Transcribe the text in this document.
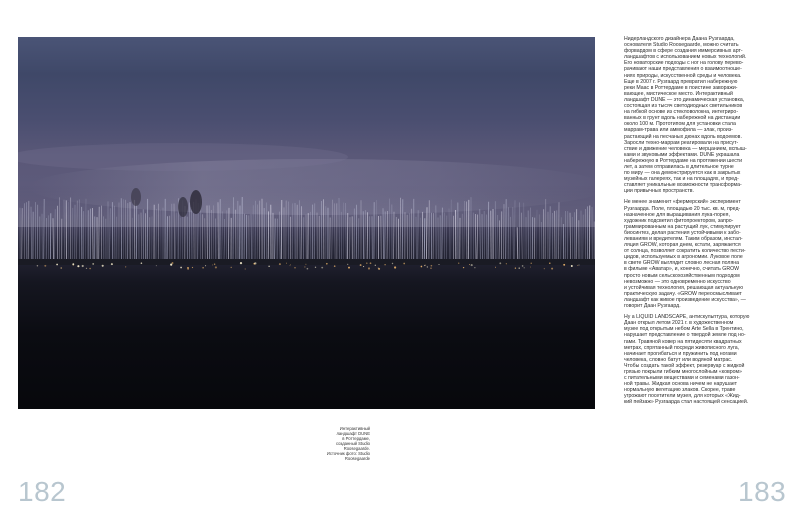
Интерактивный
ландшафт DUNE
в Роттердаме,
созданный Studio
Roosegaarde.
Источник фото: Studio
Roosegaarde
Нидерландского дизайнера Даана Рузгаарда,
основателя Studio Roosegaarde, можно считать
форвардом в сфере создания иммерсивных арт-
ландшафтов с использованием новых технологий.
Его новаторские подходы с ног на голову перево-
рачивают наши представления о взаимоотноше-
ниях природы, искусственной среды и человека.
Еще в 2007 г. Рузгаард превратил набережную
реки Маас в Роттердаме в поистине заворажи-
вающее, мистическое место. Интерактивный
ландшафт DUNE — это динамическая установка,
состоящая из тысяч светодиодных светильников
на гибкой основе из стекловолокна, интегриро-
ванных в грунт вдоль набережной на дистанции
около 100 м. Прототипом для установки стала
маррам-трава или аммофила — злак, произ-
растающий на песчаных дюнах вдоль водоемов.
Заросли техно-маррам реагировали на присут-
ствие и движение человека — мерцанием, вспыш-
ками и звуковыми эффектами. DUNE украшала
набережную в Роттердаме на протяжении шести
лет, а затем отправилась в длительное турне
по миру — она демонстрируется как в закрытых
музейных галереях, так и на площадях, и пред-
ставляет уникальные возможности трансформа-
ции привычных пространств.
Не менее знаменит «фермерский» эксперимент
Рузгаарда. Поле, площадью 20 тыс. кв. м, пред-
назначенное для выращивания лука-порея,
художник подсветил фитопроектором, запро-
граммированным на растущий лук, стимулирует
биосинтез, делая растения устойчивыми к забо-
леваниям и вредителям. Таким образом, инстал-
ляция GROW, которая днем, кстати, заряжается
от солнца, позволяет сократить количество пести-
цидов, используемых в агрономии. Луковое поле
в свете GROW выглядит словно лесная поляна
в фильме «Аватар», и, конечно, считать GROW
просто новым сельскохозяйственным подходом
невозможно — это одновременно искусство
и устойчивая технология, решающая актуальную
практическую задачу. «GROW переосмысливает
ландшафт как живое произведение искусства», —
говорит Даан Рузгаард.
Ну а LIQUID LANDSCAPE, антискульптура, которую
Даан открыл летом 2021 г. в художественном
музее под открытым небом Arte Sella в Трентино,
нарушает представление о твердой земле под но-
гами. Травяной ковер на пятидесяти квадратных
метрах, спрятанный посреди живописного луга,
начинает прогибаться и пружинить под ногами
человека, словно батут или водяной матрас.
Чтобы создать такой эффект, резервуар с жидкой
грязью покрыли гибким многослойным «ковром»
с питательными веществами и семенами газон-
ной травы. Жидкая основа ничем не нарушает
нормальную вегетацию злаков. Скорее, траве
угрожают посетители музея, для которых «Жид-
кий пейзаж» Рузгаарда стал настоящей сенсацией.
182	183
